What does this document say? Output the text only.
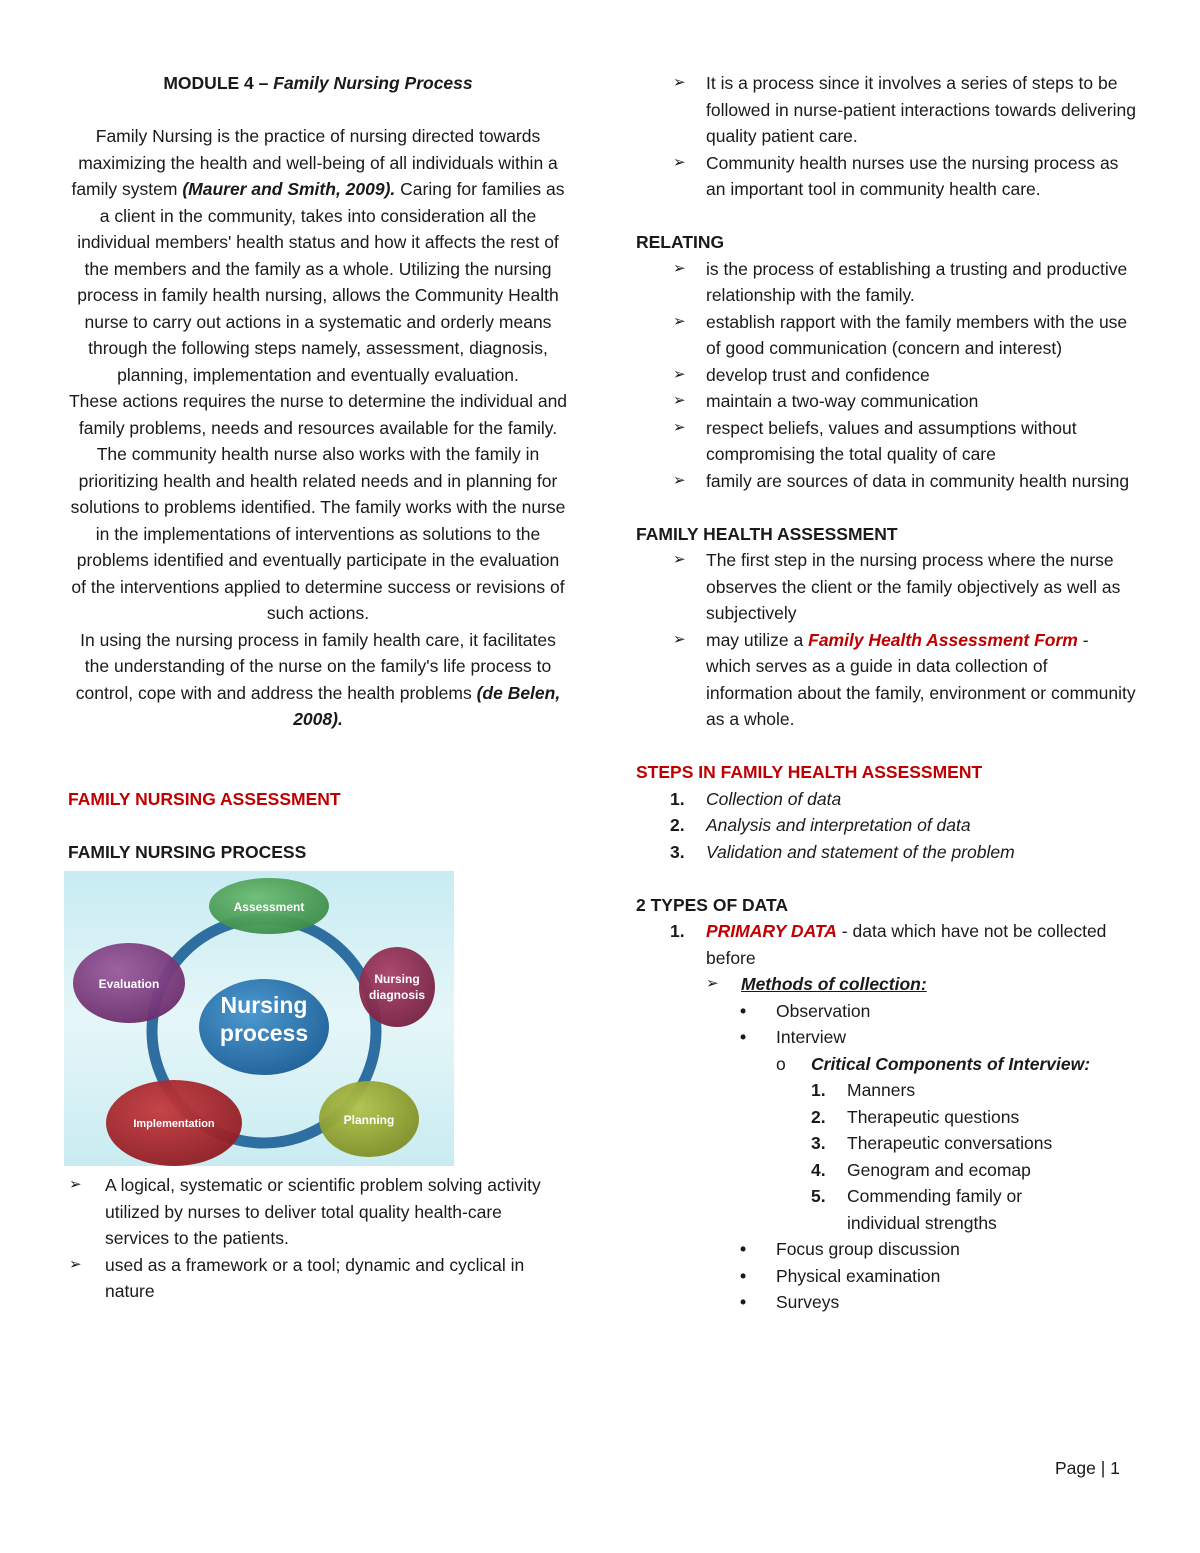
MODULE 4 – Family Nursing Process
Family Nursing is the practice of nursing directed towards maximizing the health and well-being of all individuals within a family system (Maurer and Smith, 2009). Caring for families as a client in the community, takes into consideration all the individual members' health status and how it affects the rest of the members and the family as a whole. Utilizing the nursing process in family health nursing, allows the Community Health nurse to carry out actions in a systematic and orderly means through the following steps namely, assessment, diagnosis, planning, implementation and eventually evaluation.
These actions requires the nurse to determine the individual and family problems, needs and resources available for the family. The community health nurse also works with the family in prioritizing health and health related needs and in planning for solutions to problems identified. The family works with the nurse in the implementations of interventions as solutions to the problems identified and eventually participate in the evaluation of the interventions applied to determine success or revisions of such actions.
In using the nursing process in family health care, it facilitates the understanding of the nurse on the family's life process to control, cope with and address the health problems (de Belen, 2008).
FAMILY NURSING ASSESSMENT
FAMILY NURSING PROCESS
Nursing
process
Assessment
Nursing
diagnosis
Planning
Implementation
Evaluation
➢ A logical, systematic or scientific problem solving activity utilized by nurses to deliver total quality health-care services to the patients.
➢ used as a framework or a tool; dynamic and cyclical in nature
➢ It is a process since it involves a series of steps to be followed in nurse-patient interactions towards delivering quality patient care.
➢ Community health nurses use the nursing process as an important tool in community health care.
RELATING
➢ is the process of establishing a trusting and productive relationship with the family.
➢ establish rapport with the family members with the use of good communication (concern and interest)
➢ develop trust and confidence
➢ maintain a two-way communication
➢ respect beliefs, values and assumptions without compromising the total quality of care
➢ family are sources of data in community health nursing
FAMILY HEALTH ASSESSMENT
➢ The first step in the nursing process where the nurse observes the client or the family objectively as well as subjectively
➢ may utilize a Family Health Assessment Form - which serves as a guide in data collection of information about the family, environment or community as a whole.
STEPS IN FAMILY HEALTH ASSESSMENT
1. Collection of data
2. Analysis and interpretation of data
3. Validation and statement of the problem
2 TYPES OF DATA
1. PRIMARY DATA - data which have not be collected before
➢ Methods of collection:
• Observation
• Interview
o Critical Components of Interview:
1. Manners
2. Therapeutic questions
3. Therapeutic conversations
4. Genogram and ecomap
5. Commending family or individual strengths
• Focus group discussion
• Physical examination
• Surveys
Page | 1
